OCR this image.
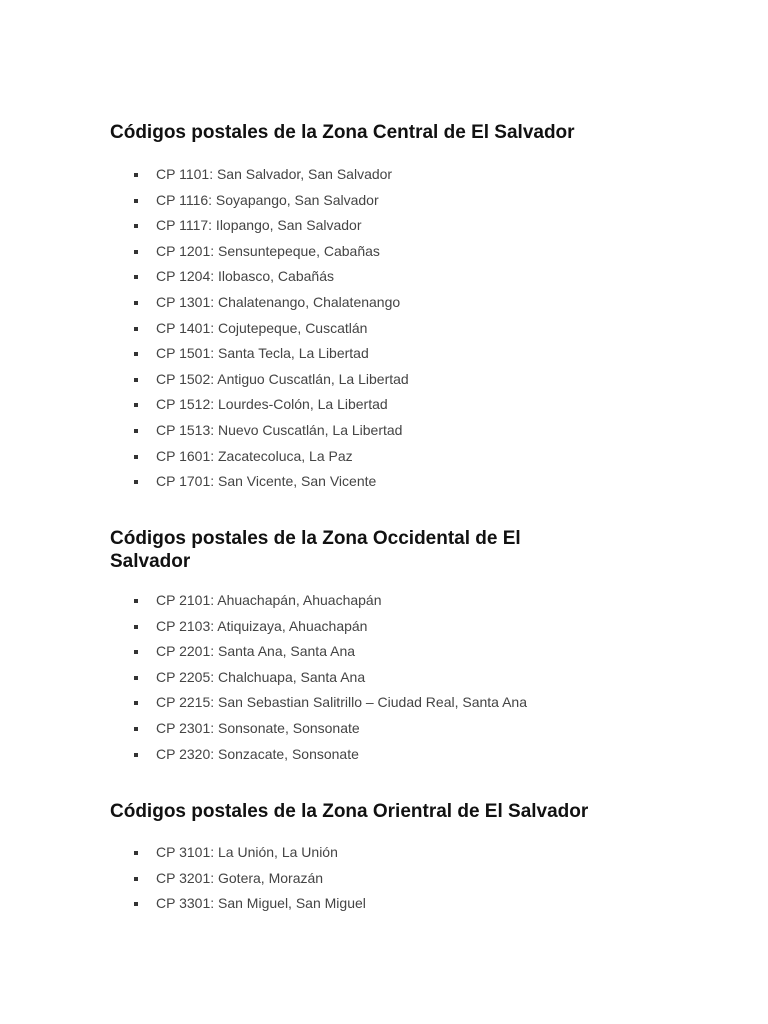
Códigos postales de la Zona Central de El Salvador
CP 1101: San Salvador, San Salvador
CP 1116: Soyapango, San Salvador
CP 1117: Ilopango, San Salvador
CP 1201: Sensuntepeque, Cabañas
CP 1204: Ilobasco, Cabañás
CP 1301: Chalatenango, Chalatenango
CP 1401: Cojutepeque, Cuscatlán
CP 1501: Santa Tecla, La Libertad
CP 1502: Antiguo Cuscatlán, La Libertad
CP 1512: Lourdes-Colón, La Libertad
CP 1513: Nuevo Cuscatlán, La Libertad
CP 1601: Zacatecoluca, La Paz
CP 1701: San Vicente, San Vicente
Códigos postales de la Zona Occidental de El
Salvador
CP 2101: Ahuachapán, Ahuachapán
CP 2103: Atiquizaya, Ahuachapán
CP 2201: Santa Ana, Santa Ana
CP 2205: Chalchuapa, Santa Ana
CP 2215: San Sebastian Salitrillo – Ciudad Real, Santa Ana
CP 2301: Sonsonate, Sonsonate
CP 2320: Sonzacate, Sonsonate
Códigos postales de la Zona Orientral de El Salvador
CP 3101: La Unión, La Unión
CP 3201: Gotera, Morazán
CP 3301: San Miguel, San Miguel
